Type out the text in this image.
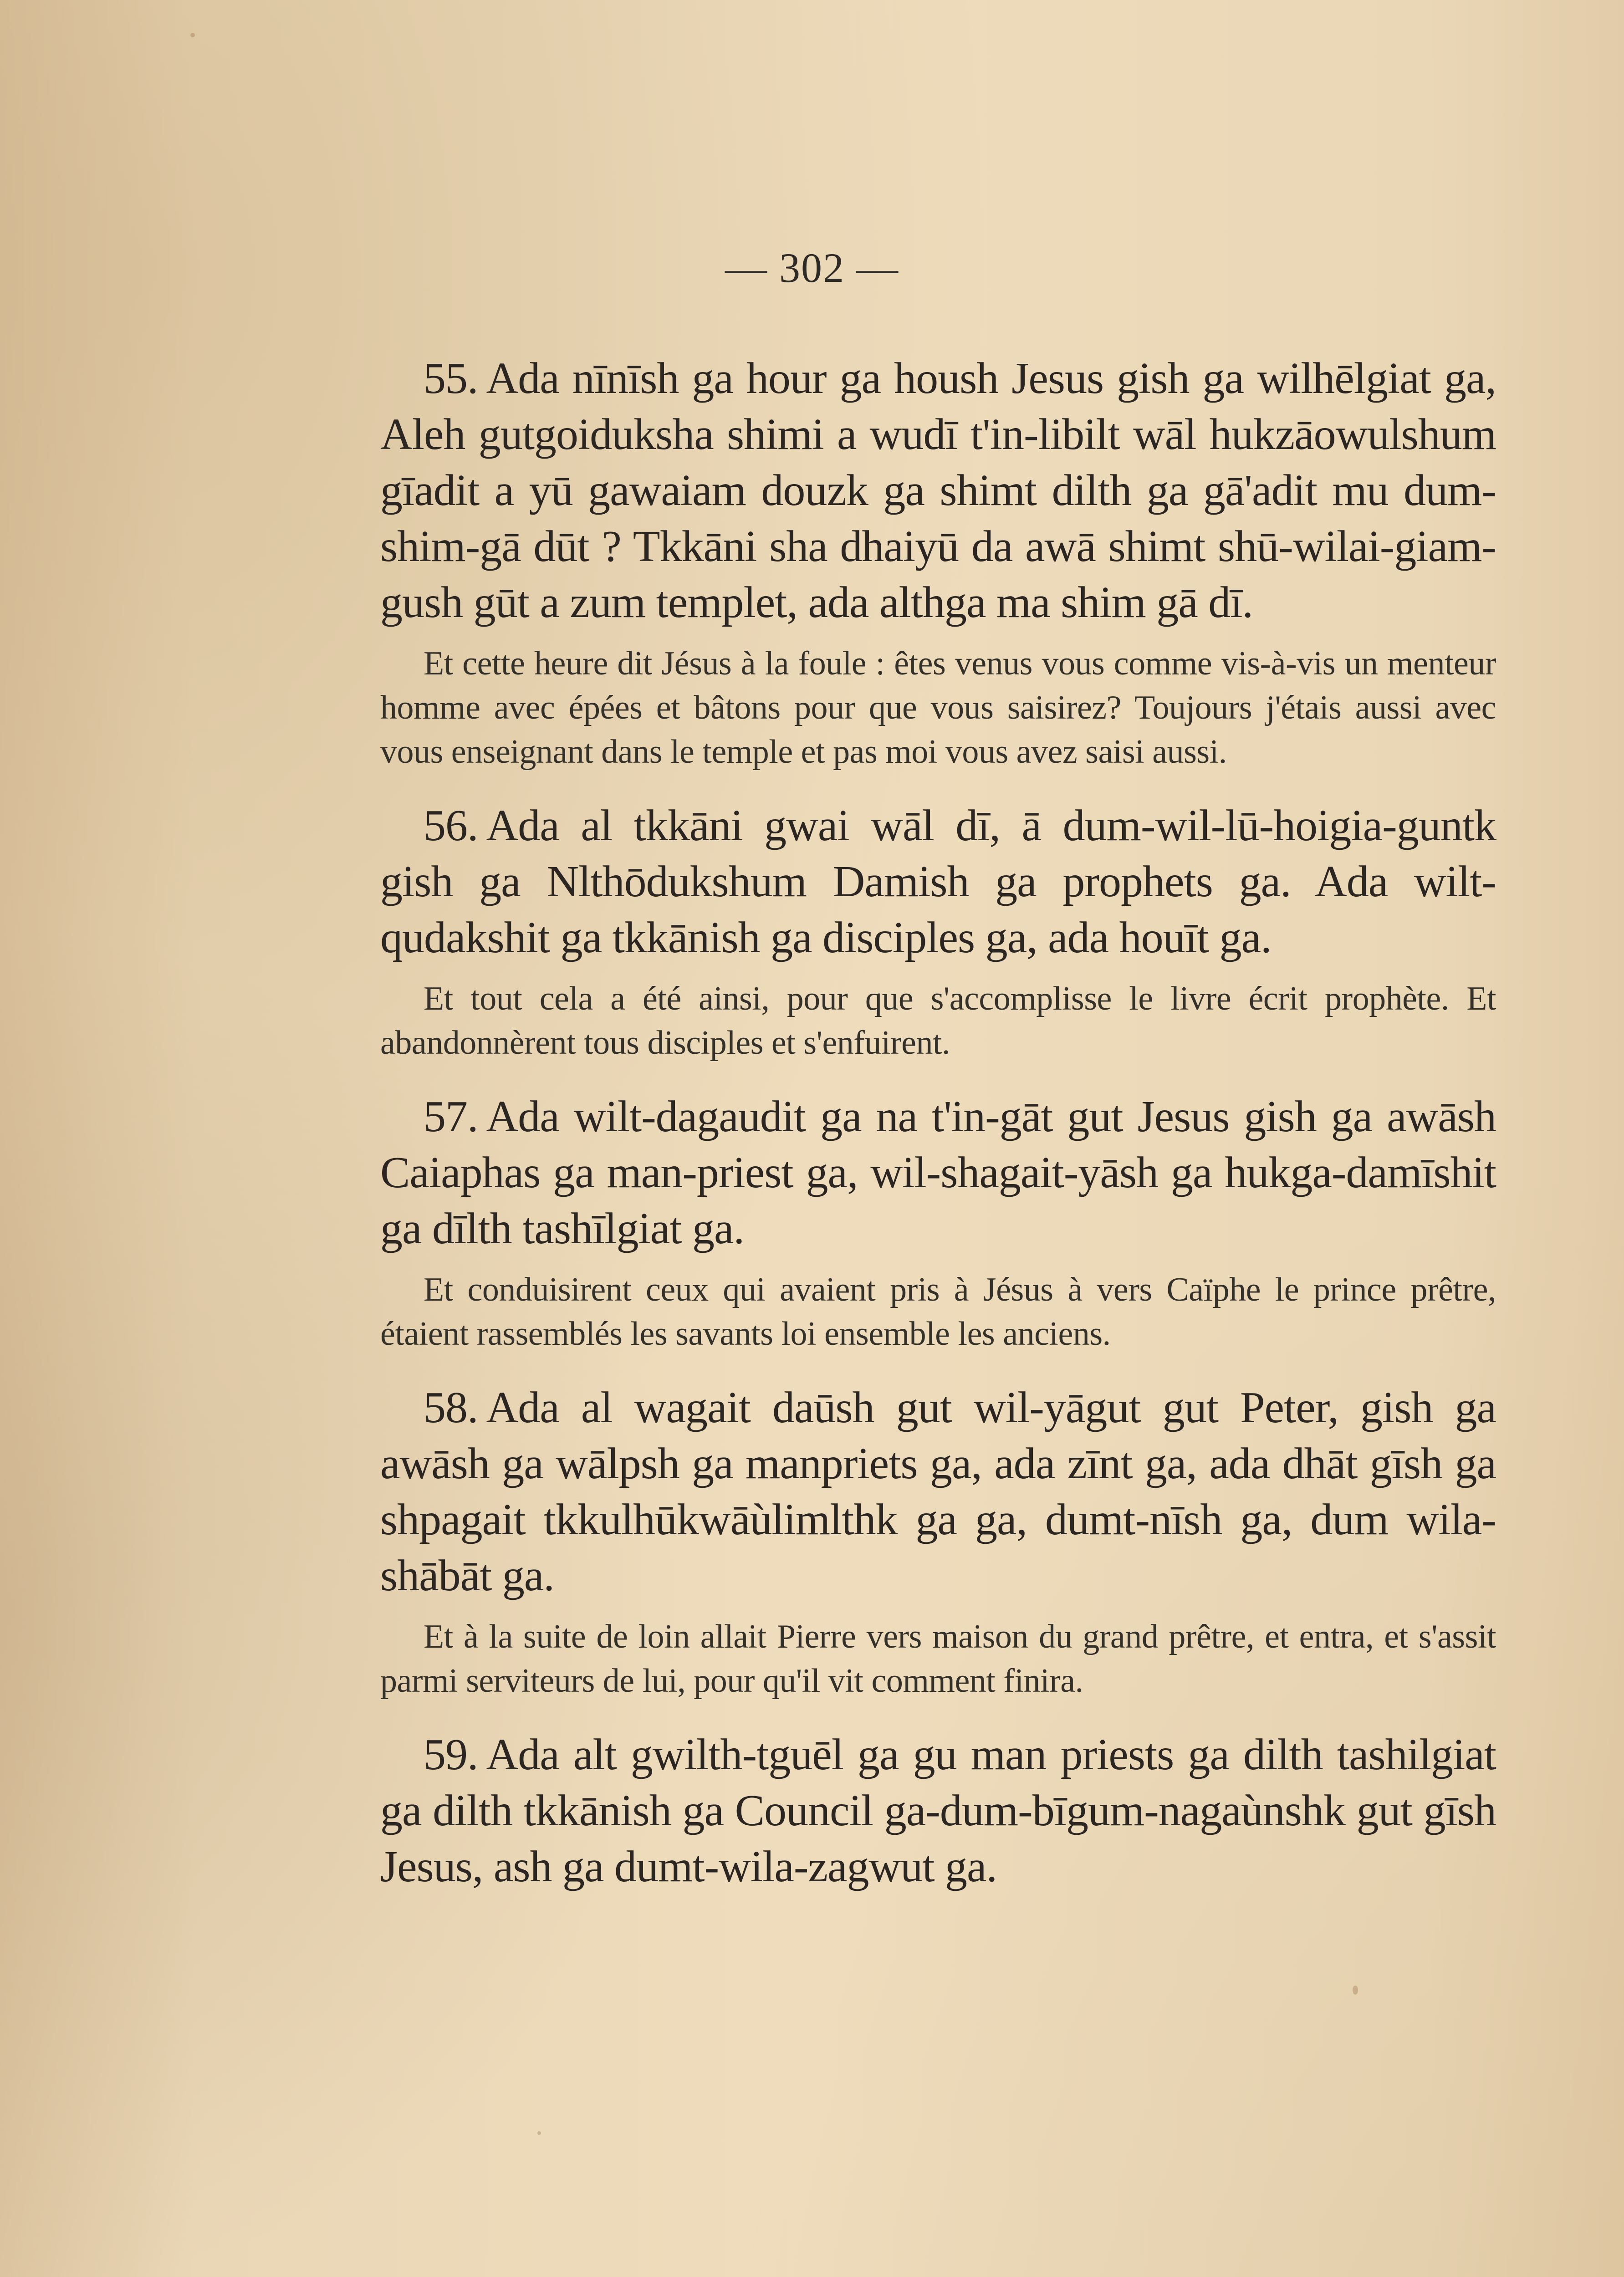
— 302 —

55. Ada nīnīsh ga hour ga housh Jesus gish ga wilhēlgiat ga, Aleh gutgoiduksha shimi a wudī t'in-libilt wāl hukzāowulshum gīadit a yū gawaiam douzk ga shimt dilth ga gā'adit mu dum-shim-gā dūt ? Tkkāni sha dhaiyū da awā shimt shū-wilai-giam-gush gūt a zum templet, ada althga ma shim gā dī.

Et cette heure dit Jésus à la foule : êtes venus vous comme vis-à-vis un menteur homme avec épées et bâtons pour que vous saisirez? Toujours j'étais aussi avec vous enseignant dans le temple et pas moi vous avez saisi aussi.

56. Ada al tkkāni gwai wāl dī, ā dum-wil-lū-hoigia-guntk gish ga Nlthōdukshum Damish ga prophets ga. Ada wilt-qudakshit ga tkkānish ga disciples ga, ada houīt ga.

Et tout cela a été ainsi, pour que s'accomplisse le livre écrit prophète. Et abandonnèrent tous disciples et s'enfuirent.

57. Ada wilt-dagaudit ga na t'in-gāt gut Jesus gish ga awāsh Caiaphas ga man-priest ga, wil-shagait-yāsh ga hukga-damīshit ga dīlth tashīlgiat ga.

Et conduisirent ceux qui avaient pris à Jésus à vers Caïphe le prince prêtre, étaient rassemblés les savants loi ensemble les anciens.

58. Ada al wagait daūsh gut wil-yāgut gut Peter, gish ga awāsh ga wālpsh ga manpriets ga, ada zīnt ga, ada dhāt gīsh ga shpagait tkkulhūkwāùlimlthk ga ga, dumt-nīsh ga, dum wila-shābāt ga.

Et à la suite de loin allait Pierre vers maison du grand prêtre, et entra, et s'assit parmi serviteurs de lui, pour qu'il vit comment finira.

59. Ada alt gwilth-tguēl ga gu man priests ga dilth tashilgiat ga dilth tkkānish ga Council ga-dum-bīgum-nagaùnshk gut gīsh Jesus, ash ga dumt-wila-zagwut ga.
